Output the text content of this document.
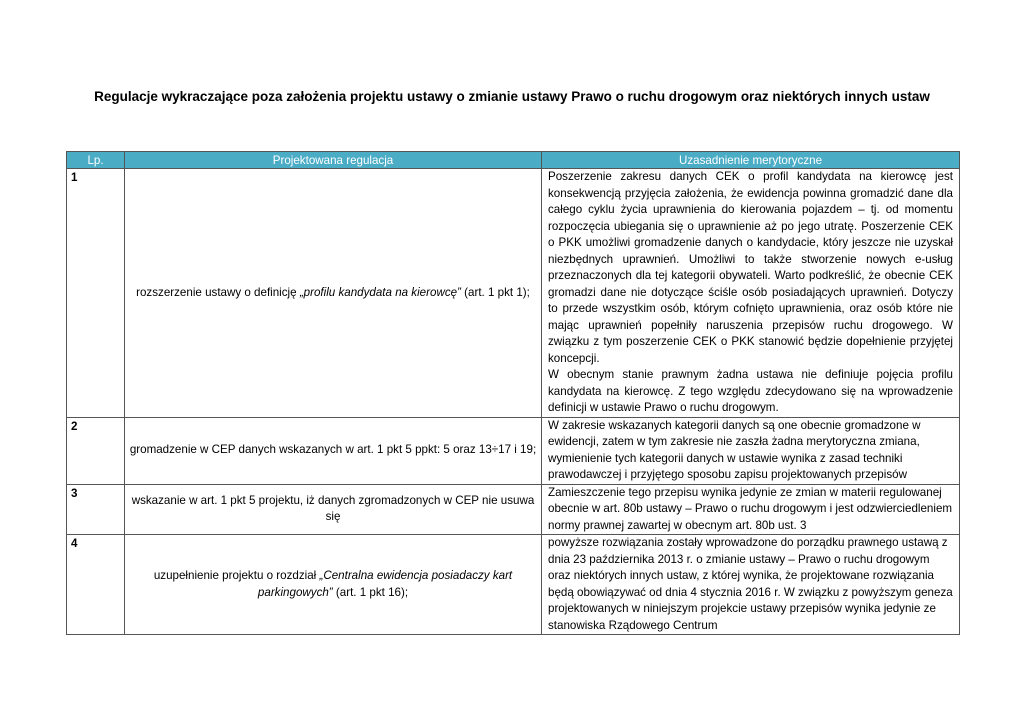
Regulacje wykraczające poza założenia projektu ustawy o zmianie ustawy Prawo o ruchu drogowym oraz niektórych innych ustaw
Lp.	Projektowana regulacja	Uzasadnienie merytoryczne
1	rozszerzenie ustawy o definicję „profilu kandydata na kierowcę” (art. 1 pkt 1);	Poszerzenie zakresu danych CEK o profil kandydata na kierowcę jest konsekwencją przyjęcia założenia, że ewidencja powinna gromadzić dane dla całego cyklu życia uprawnienia do kierowania pojazdem – tj. od momentu rozpoczęcia ubiegania się o uprawnienie aż po jego utratę. Poszerzenie CEK o PKK umożliwi gromadzenie danych o kandydacie, który jeszcze nie uzyskał niezbędnych uprawnień. Umożliwi to także stworzenie nowych e-usług przeznaczonych dla tej kategorii obywateli. Warto podkreślić, że obecnie CEK gromadzi dane nie dotyczące ściśle osób posiadających uprawnień. Dotyczy to przede wszystkim osób, którym cofnięto uprawnienia, oraz osób które nie mając uprawnień popełniły naruszenia przepisów ruchu drogowego. W związku z tym poszerzenie CEK o PKK stanowić będzie dopełnienie przyjętej koncepcji.

W obecnym stanie prawnym żadna ustawa nie definiuje pojęcia profilu kandydata na kierowcę. Z tego względu zdecydowano się na wprowadzenie definicji w ustawie Prawo o ruchu drogowym.

2	gromadzenie w CEP danych wskazanych w art. 1 pkt 5 ppkt: 5 oraz 13÷17 i 19;	W zakresie wskazanych kategorii danych są one obecnie gromadzone w ewidencji, zatem w tym zakresie nie zaszła żadna merytoryczna zmiana, wymienienie tych kategorii danych w ustawie wynika z zasad techniki prawodawczej i przyjętego sposobu zapisu projektowanych przepisów

3	wskazanie w art. 1 pkt 5 projektu, iż danych zgromadzonych w CEP nie usuwa się	Zamieszczenie tego przepisu wynika jedynie ze zmian w materii regulowanej obecnie w art. 80b ustawy – Prawo o ruchu drogowym i jest odzwierciedleniem normy prawnej zawartej w obecnym art. 80b ust. 3

4	uzupełnienie projektu o rozdział „Centralna ewidencja posiadaczy kart parkingowych” (art. 1 pkt 16);	powyższe rozwiązania zostały wprowadzone do porządku prawnego ustawą z dnia 23 października 2013 r. o zmianie ustawy – Prawo o ruchu drogowym oraz niektórych innych ustaw, z której wynika, że projektowane rozwiązania będą obowiązywać od dnia 4 stycznia 2016 r. W związku z powyższym geneza projektowanych w niniejszym projekcie ustawy przepisów wynika jedynie ze stanowiska Rządowego Centrum
